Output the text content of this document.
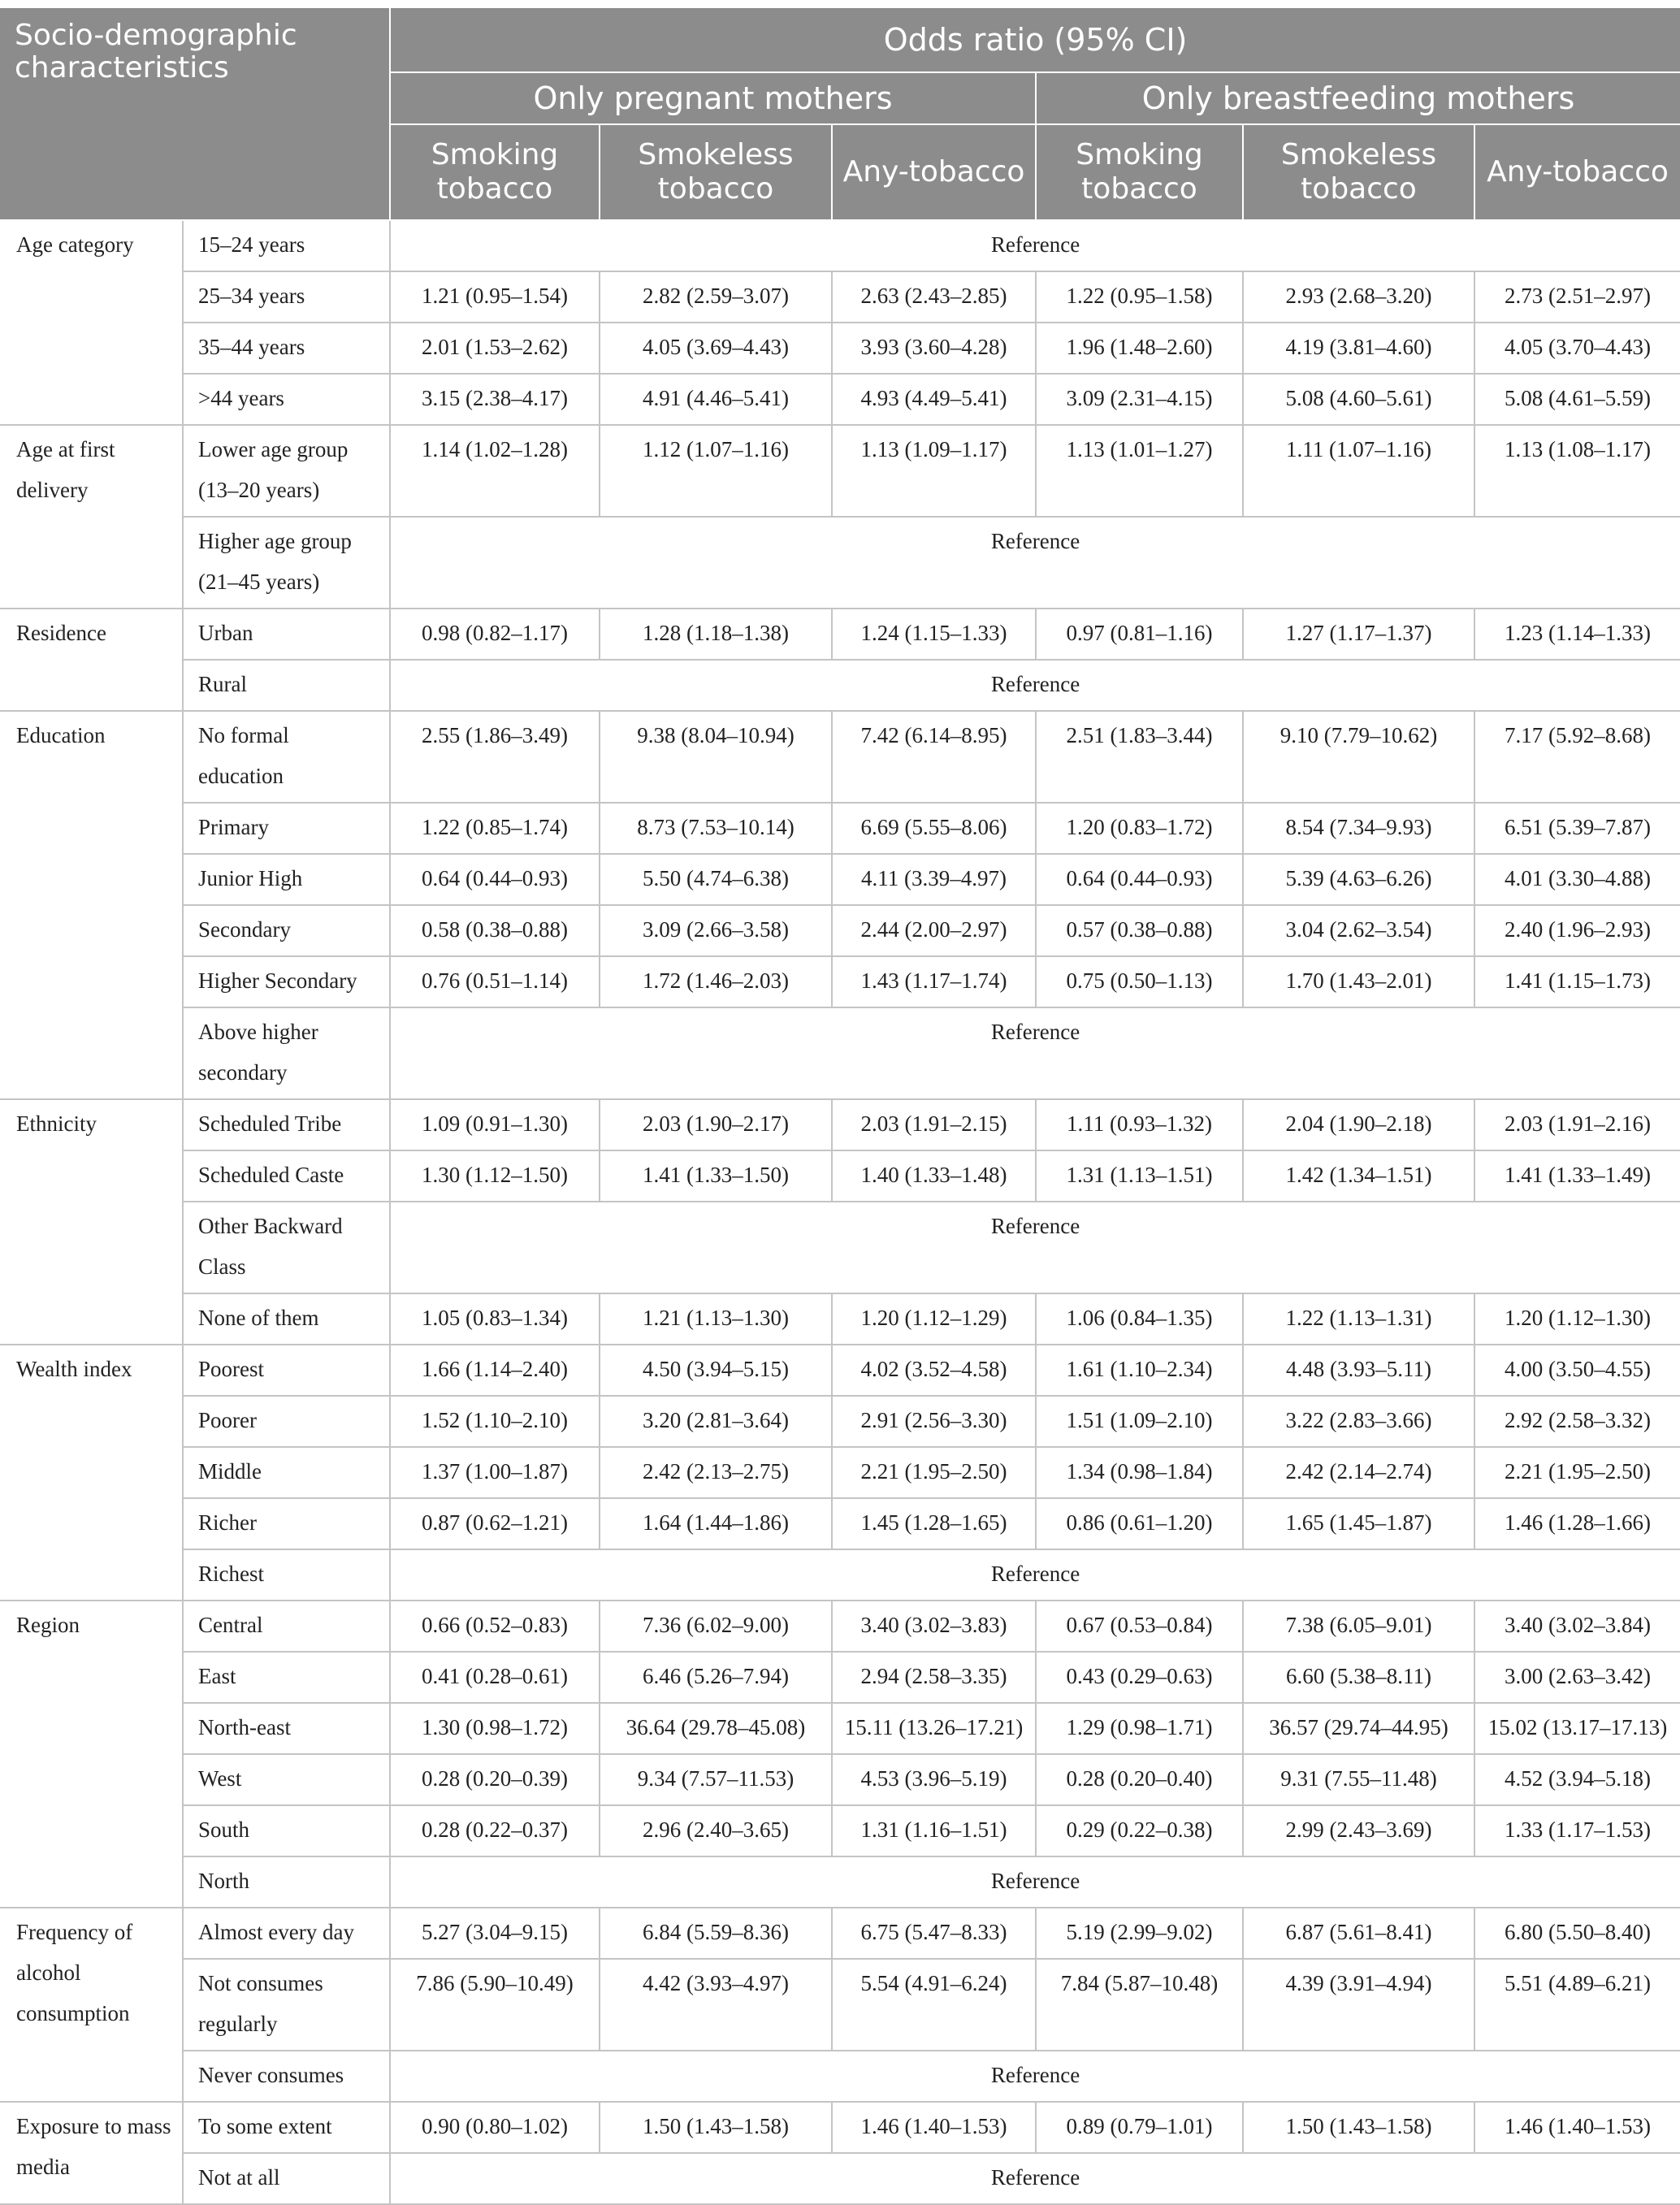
Socio-demographic characteristics		Odds ratio (95% CI)					
		Only pregnant mothers			Only breastfeeding mothers		
		Smoking tobacco	Smokeless tobacco	Any-tobacco	Smoking tobacco	Smokeless tobacco	Any-tobacco
Age category	15–24 years	Reference					
	25–34 years	1.21 (0.95–1.54)	2.82 (2.59–3.07)	2.63 (2.43–2.85)	1.22 (0.95–1.58)	2.93 (2.68–3.20)	2.73 (2.51–2.97)
	35–44 years	2.01 (1.53–2.62)	4.05 (3.69–4.43)	3.93 (3.60–4.28)	1.96 (1.48–2.60)	4.19 (3.81–4.60)	4.05 (3.70–4.43)
	>44 years	3.15 (2.38–4.17)	4.91 (4.46–5.41)	4.93 (4.49–5.41)	3.09 (2.31–4.15)	5.08 (4.60–5.61)	5.08 (4.61–5.59)
Age at first delivery	Lower age group (13–20 years)	1.14 (1.02–1.28)	1.12 (1.07–1.16)	1.13 (1.09–1.17)	1.13 (1.01–1.27)	1.11 (1.07–1.16)	1.13 (1.08–1.17)
	Higher age group (21–45 years)	Reference					
Residence	Urban	0.98 (0.82–1.17)	1.28 (1.18–1.38)	1.24 (1.15–1.33)	0.97 (0.81–1.16)	1.27 (1.17–1.37)	1.23 (1.14–1.33)
	Rural	Reference					
Education	No formal education	2.55 (1.86–3.49)	9.38 (8.04–10.94)	7.42 (6.14–8.95)	2.51 (1.83–3.44)	9.10 (7.79–10.62)	7.17 (5.92–8.68)
	Primary	1.22 (0.85–1.74)	8.73 (7.53–10.14)	6.69 (5.55–8.06)	1.20 (0.83–1.72)	8.54 (7.34–9.93)	6.51 (5.39–7.87)
	Junior High	0.64 (0.44–0.93)	5.50 (4.74–6.38)	4.11 (3.39–4.97)	0.64 (0.44–0.93)	5.39 (4.63–6.26)	4.01 (3.30–4.88)
	Secondary	0.58 (0.38–0.88)	3.09 (2.66–3.58)	2.44 (2.00–2.97)	0.57 (0.38–0.88)	3.04 (2.62–3.54)	2.40 (1.96–2.93)
	Higher Secondary	0.76 (0.51–1.14)	1.72 (1.46–2.03)	1.43 (1.17–1.74)	0.75 (0.50–1.13)	1.70 (1.43–2.01)	1.41 (1.15–1.73)
	Above higher secondary	Reference					
Ethnicity	Scheduled Tribe	1.09 (0.91–1.30)	2.03 (1.90–2.17)	2.03 (1.91–2.15)	1.11 (0.93–1.32)	2.04 (1.90–2.18)	2.03 (1.91–2.16)
	Scheduled Caste	1.30 (1.12–1.50)	1.41 (1.33–1.50)	1.40 (1.33–1.48)	1.31 (1.13–1.51)	1.42 (1.34–1.51)	1.41 (1.33–1.49)
	Other Backward Class	Reference					
	None of them	1.05 (0.83–1.34)	1.21 (1.13–1.30)	1.20 (1.12–1.29)	1.06 (0.84–1.35)	1.22 (1.13–1.31)	1.20 (1.12–1.30)
Wealth index	Poorest	1.66 (1.14–2.40)	4.50 (3.94–5.15)	4.02 (3.52–4.58)	1.61 (1.10–2.34)	4.48 (3.93–5.11)	4.00 (3.50–4.55)
	Poorer	1.52 (1.10–2.10)	3.20 (2.81–3.64)	2.91 (2.56–3.30)	1.51 (1.09–2.10)	3.22 (2.83–3.66)	2.92 (2.58–3.32)
	Middle	1.37 (1.00–1.87)	2.42 (2.13–2.75)	2.21 (1.95–2.50)	1.34 (0.98–1.84)	2.42 (2.14–2.74)	2.21 (1.95–2.50)
	Richer	0.87 (0.62–1.21)	1.64 (1.44–1.86)	1.45 (1.28–1.65)	0.86 (0.61–1.20)	1.65 (1.45–1.87)	1.46 (1.28–1.66)
	Richest	Reference					
Region	Central	0.66 (0.52–0.83)	7.36 (6.02–9.00)	3.40 (3.02–3.83)	0.67 (0.53–0.84)	7.38 (6.05–9.01)	3.40 (3.02–3.84)
	East	0.41 (0.28–0.61)	6.46 (5.26–7.94)	2.94 (2.58–3.35)	0.43 (0.29–0.63)	6.60 (5.38–8.11)	3.00 (2.63–3.42)
	North-east	1.30 (0.98–1.72)	36.64 (29.78–45.08)	15.11 (13.26–17.21)	1.29 (0.98–1.71)	36.57 (29.74–44.95)	15.02 (13.17–17.13)
	West	0.28 (0.20–0.39)	9.34 (7.57–11.53)	4.53 (3.96–5.19)	0.28 (0.20–0.40)	9.31 (7.55–11.48)	4.52 (3.94–5.18)
	South	0.28 (0.22–0.37)	2.96 (2.40–3.65)	1.31 (1.16–1.51)	0.29 (0.22–0.38)	2.99 (2.43–3.69)	1.33 (1.17–1.53)
	North	Reference					
Frequency of alcohol consumption	Almost every day	5.27 (3.04–9.15)	6.84 (5.59–8.36)	6.75 (5.47–8.33)	5.19 (2.99–9.02)	6.87 (5.61–8.41)	6.80 (5.50–8.40)
	Not consumes regularly	7.86 (5.90–10.49)	4.42 (3.93–4.97)	5.54 (4.91–6.24)	7.84 (5.87–10.48)	4.39 (3.91–4.94)	5.51 (4.89–6.21)
	Never consumes	Reference					
Exposure to mass media	To some extent	0.90 (0.80–1.02)	1.50 (1.43–1.58)	1.46 (1.40–1.53)	0.89 (0.79–1.01)	1.50 (1.43–1.58)	1.46 (1.40–1.53)
	Not at all	Reference					
